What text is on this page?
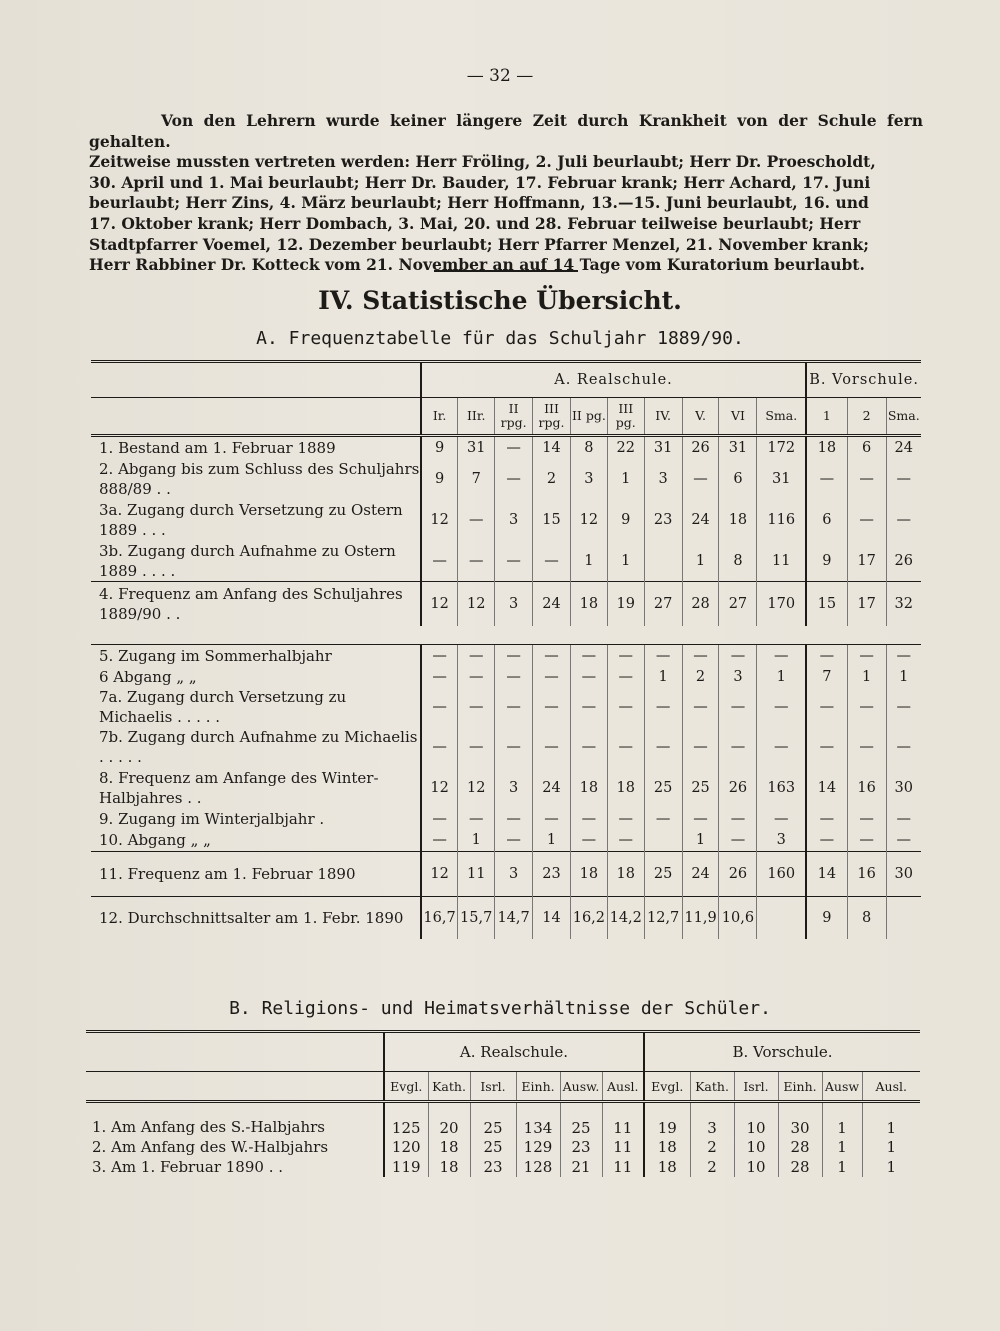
— 32 —
Von den Lehrern wurde keiner längere Zeit durch Krankheit von der Schule fern gehalten.
Zeitweise mussten vertreten werden: Herr Fröling, 2. Juli beurlaubt; Herr Dr. Proescholdt,
30. April und 1. Mai beurlaubt; Herr Dr. Bauder, 17. Februar krank; Herr Achard, 17. Juni
beurlaubt; Herr Zins, 4. März beurlaubt; Herr Hoffmann, 13.—15. Juni beurlaubt, 16. und
17. Oktober krank; Herr Dombach, 3. Mai, 20. und 28. Februar teilweise beurlaubt; Herr
Stadtpfarrer Voemel, 12. Dezember beurlaubt; Herr Pfarrer Menzel, 21. November krank;
Herr Rabbiner Dr. Kotteck vom 21. November an auf 14 Tage vom Kuratorium beurlaubt.
IV. Statistische Übersicht.
A. Frequenztabelle für das Schuljahr 1889/90.
	A. Realschule.										B. Vorschule.		
	Ir.	IIr.	II rpg.	III rpg.	II pg.	III pg.	IV.	V.	VI	Sma.	1	2	Sma.
1. Bestand am 1. Februar 1889	9	31	—	14	8	22	31	26	31	172	18	6	24
2. Abgang bis zum Schluss des Schuljahrs 888/89 . .	9	7	—	2	3	1	3	—	6	31	—	—	—
3a. Zugang durch Versetzung zu Ostern 1889 . . .	12	—	3	15	12	9	23	24	18	116	6	—	—
3b. Zugang durch Aufnahme zu Ostern 1889 . . . .	—	—	—	—	1	1		1	8	11	9	17	26
4. Frequenz am Anfang des Schuljahres 1889/90 . .	12	12	3	24	18	19	27	28	27	170	15	17	32

5. Zugang im Sommerhalbjahr	—	—	—	—	—	—	—	—	—	—	—	—	—
6 Abgang „ „	—	—	—	—	—	—	1	2	3	1	7	1	1
7a. Zugang durch Versetzung zu Michaelis . . . . .	—	—	—	—	—	—	—	—	—	—	—	—	—
7b. Zugang durch Aufnahme zu Michaelis . . . . .	—	—	—	—	—	—	—	—	—	—	—	—	—
8. Frequenz am Anfange des Winter-Halbjahres . .	12	12	3	24	18	18	25	25	26	163	14	16	30
9. Zugang im Winterjalbjahr .	—	—	—	—	—	—	—	—	—	—	—	—	—
10. Abgang „ „	—	1	—	1	—	—		1	—	3	—	—	—
11. Frequenz am 1. Februar 1890	12	11	3	23	18	18	25	24	26	160	14	16	30
12. Durchschnittsalter am 1. Febr. 1890	16,7	15,7	14,7	14	16,2	14,2	12,7	11,9	10,6		9	8	
B. Religions- und Heimatsverhältnisse der Schüler.
	A. Realschule.						B. Vorschule.					
	Evgl.	Kath.	Isrl.	Einh.	Ausw.	Ausl.	Evgl.	Kath.	Isrl.	Einh.	Ausw	Ausl.
1. Am Anfang des S.-Halbjahrs	125	20	25	134	25	11	19	3	10	30	1	1
2. Am Anfang des W.-Halbjahrs	120	18	25	129	23	11	18	2	10	28	1	1
3. Am 1. Februar 1890 . .	119	18	23	128	21	11	18	2	10	28	1	1
